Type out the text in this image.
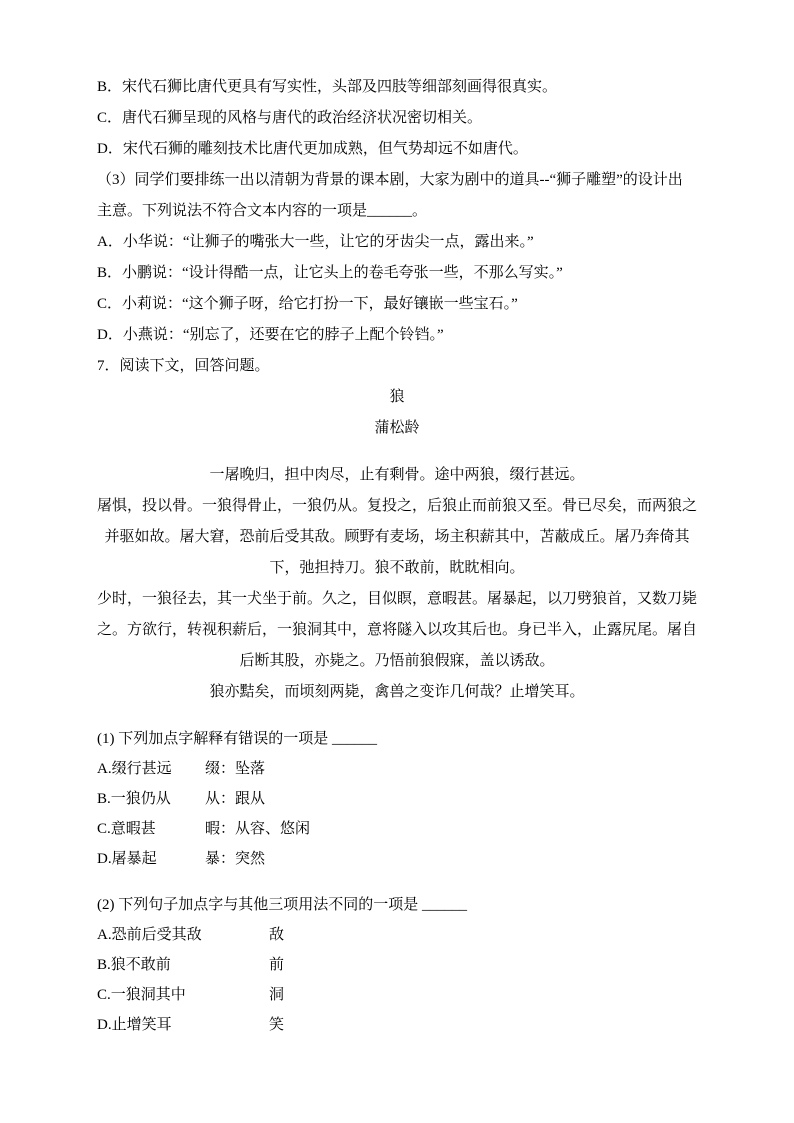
B．宋代石狮比唐代更具有写实性，头部及四肢等细部刻画得很真实。

C．唐代石狮呈现的风格与唐代的政治经济状况密切相关。

D．宋代石狮的雕刻技术比唐代更加成熟，但气势却远不如唐代。

（3）同学们要排练一出以清朝为背景的课本剧，大家为剧中的道具--“狮子雕塑”的设计出主意。下列说法不符合文本内容的一项是______。

A．小华说：“让狮子的嘴张大一些，让它的牙齿尖一点，露出来。”

B．小鹏说：“设计得酷一点，让它头上的卷毛夸张一些，不那么写实。”

C．小莉说：“这个狮子呀，给它打扮一下，最好镶嵌一些宝石。”

D．小燕说：“别忘了，还要在它的脖子上配个铃铛。”

7．阅读下文，回答问题。

狼

蒲松龄

一屠晚归，担中肉尽，止有剩骨。途中两狼，缀行甚远。

屠惧，投以骨。一狼得骨止，一狼仍从。复投之，后狼止而前狼又至。骨已尽矣，而两狼之并驱如故。屠大窘，恐前后受其敌。顾野有麦场，场主积薪其中，苫蔽成丘。屠乃奔倚其下，弛担持刀。狼不敢前，眈眈相向。

少时，一狼径去，其一犬坐于前。久之，目似瞑，意暇甚。屠暴起，以刀劈狼首，又数刀毙之。方欲行，转视积薪后，一狼洞其中，意将隧入以攻其后也。身已半入，止露尻尾。屠自后断其股，亦毙之。乃悟前狼假寐，盖以诱敌。

狼亦黠矣，而顷刻两毙，禽兽之变诈几何哉？止增笑耳。

(1) 下列加点字解释有错误的一项是 ______

A.缀行甚远	缀：坠落
B.一狼仍从	从：跟从
C.意暇甚	暇：从容、悠闲
D.屠暴起	暴：突然

(2) 下列句子加点字与其他三项用法不同的一项是 ______

A.恐前后受其敌	敌
B.狼不敢前	前
C.一狼洞其中	洞
D.止增笑耳	笑
